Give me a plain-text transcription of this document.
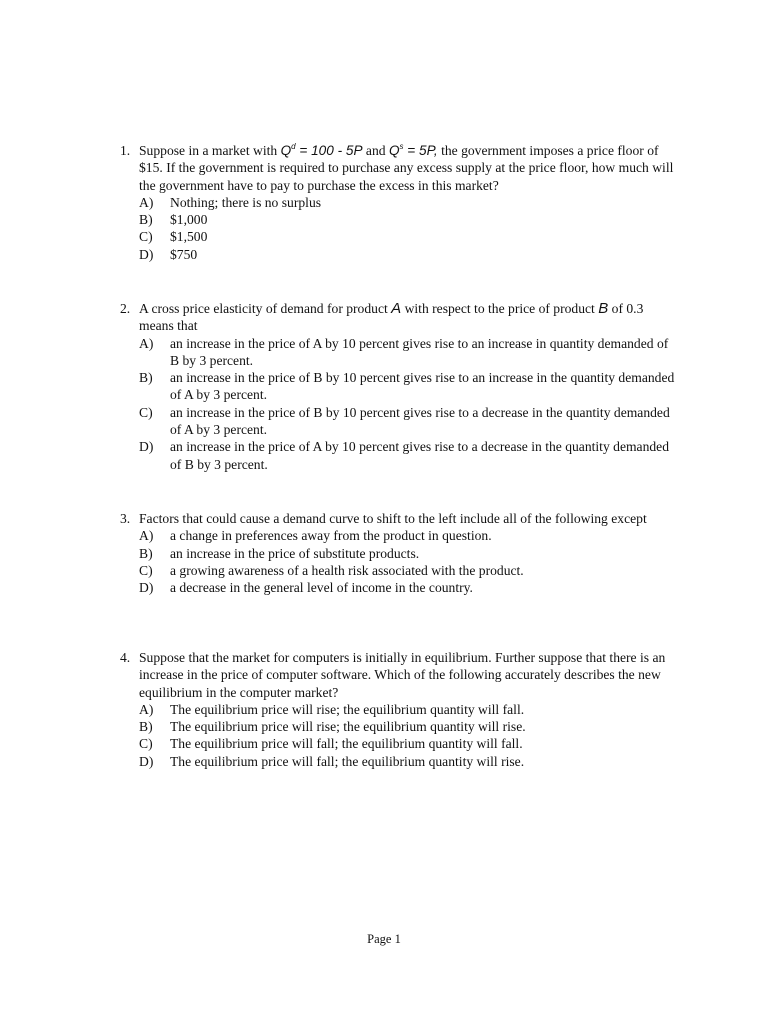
1. Suppose in a market with $Q^d = 100 - 5P$ and $Q^s = 5P$, the government imposes a price floor of $15. If the government is required to purchase any excess supply at the price floor, how much will the government have to pay to purchase the excess in this market?
A) Nothing; there is no surplus
B) $1,000
C) $1,500
D) $750
2. A cross price elasticity of demand for product A with respect to the price of product B of 0.3 means that
A) an increase in the price of A by 10 percent gives rise to an increase in quantity demanded of B by 3 percent.
B) an increase in the price of B by 10 percent gives rise to an increase in the quantity demanded of A by 3 percent.
C) an increase in the price of B by 10 percent gives rise to a decrease in the quantity demanded of A by 3 percent.
D) an increase in the price of A by 10 percent gives rise to a decrease in the quantity demanded of B by 3 percent.
3. Factors that could cause a demand curve to shift to the left include all of the following except
A) a change in preferences away from the product in question.
B) an increase in the price of substitute products.
C) a growing awareness of a health risk associated with the product.
D) a decrease in the general level of income in the country.
4. Suppose that the market for computers is initially in equilibrium. Further suppose that there is an increase in the price of computer software. Which of the following accurately describes the new equilibrium in the computer market?
A) The equilibrium price will rise; the equilibrium quantity will fall.
B) The equilibrium price will rise; the equilibrium quantity will rise.
C) The equilibrium price will fall; the equilibrium quantity will fall.
D) The equilibrium price will fall; the equilibrium quantity will rise.
Page 1
